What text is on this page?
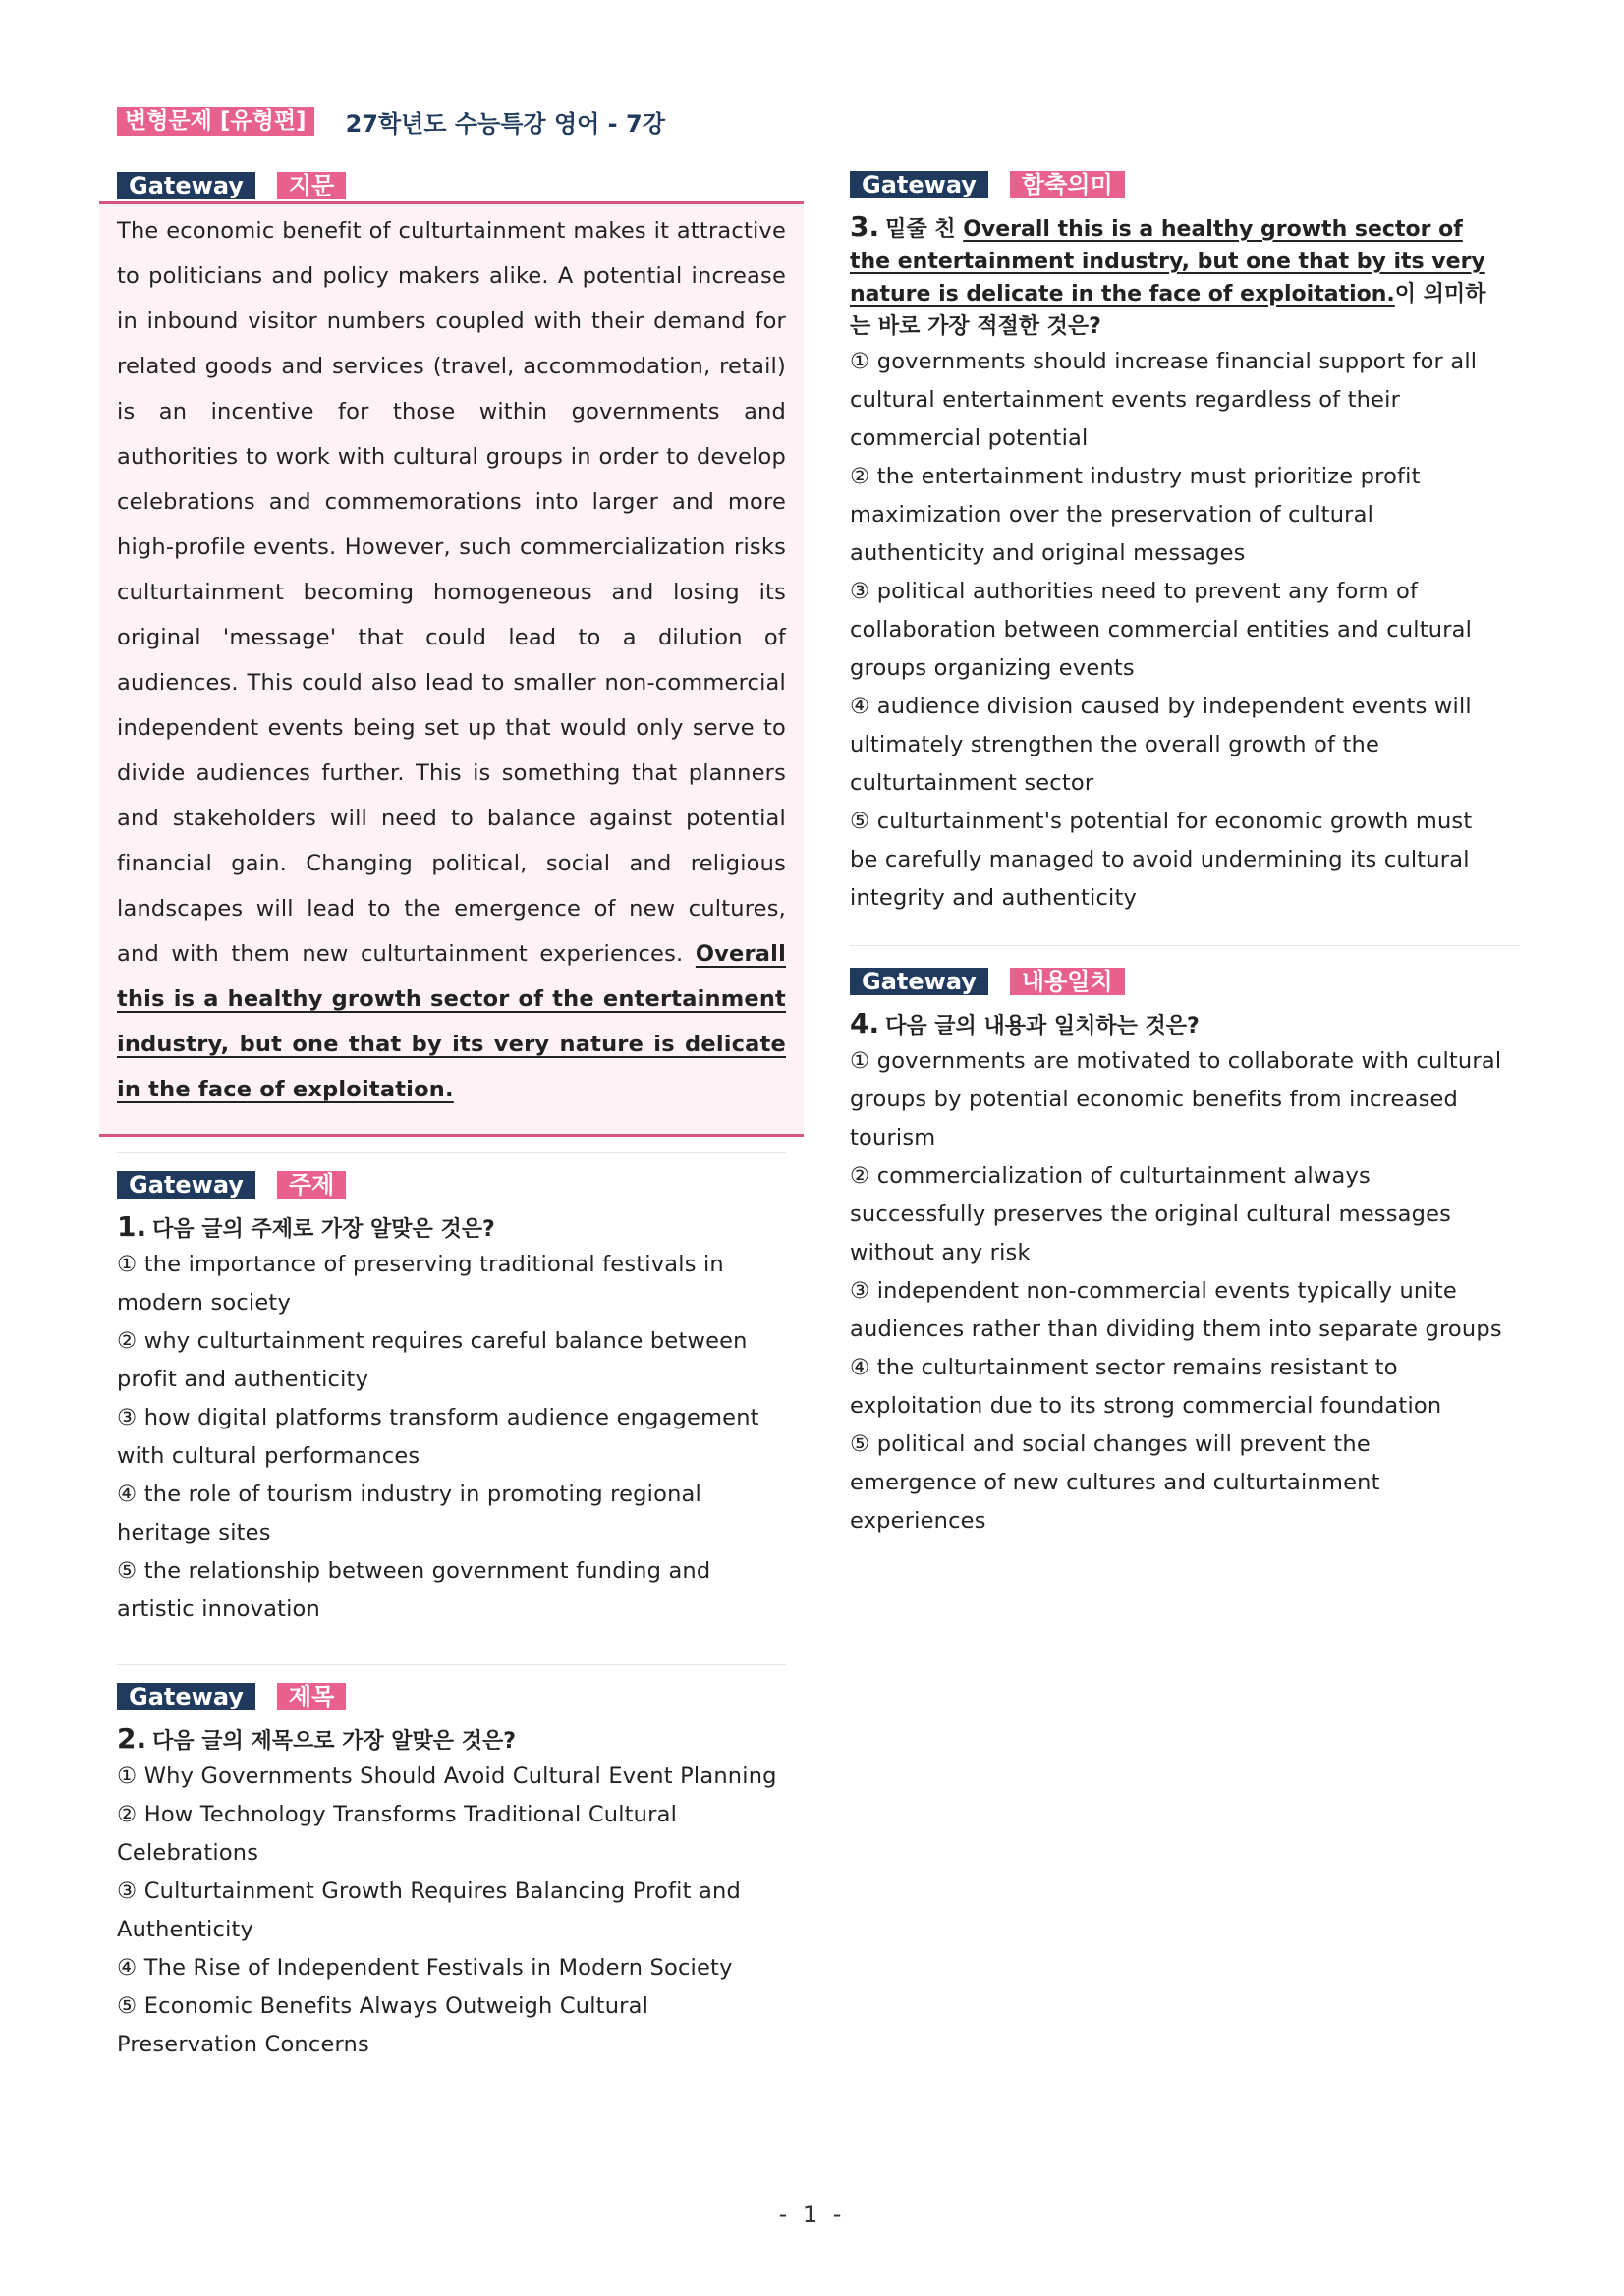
변형문제 [유형편]	27학년도 수능특강 영어 - 7강
Gateway	지문

The economic benefit of culturtainment makes it attractive to politicians and policy makers alike. A potential increase in inbound visitor numbers coupled with their demand for related goods and services (travel, accommodation, retail) is an incentive for those within governments and authorities to work with cultural groups in order to develop celebrations and commemorations into larger and more high-profile events. However, such commercialization risks culturtainment becoming homogeneous and losing its original 'message' that could lead to a dilution of audiences. This could also lead to smaller non-commercial independent events being set up that would only serve to divide audiences further. This is something that planners and stakeholders will need to balance against potential financial gain. Changing political, social and religious landscapes will lead to the emergence of new cultures, and with them new culturtainment experiences. Overall this is a healthy growth sector of the entertainment industry, but one that by its very nature is delicate in the face of exploitation.

Gateway	주제
1. 다음 글의 주제로 가장 알맞은 것은?

① the importance of preserving traditional festivals in modern society

② why culturtainment requires careful balance between profit and authenticity

③ how digital platforms transform audience engagement with cultural performances

④ the role of tourism industry in promoting regional heritage sites

⑤ the relationship between government funding and artistic innovation

Gateway	제목
2. 다음 글의 제목으로 가장 알맞은 것은?

① Why Governments Should Avoid Cultural Event Planning

② How Technology Transforms Traditional Cultural Celebrations

③ Culturtainment Growth Requires Balancing Profit and Authenticity

④ The Rise of Independent Festivals in Modern Society

⑤ Economic Benefits Always Outweigh Cultural Preservation Concerns

Gateway	함축의미
3. 밑줄 친 Overall this is a healthy growth sector of the entertainment industry, but one that by its very nature is delicate in the face of exploitation.이 의미하는 바로 가장 적절한 것은?

① governments should increase financial support for all cultural entertainment events regardless of their commercial potential

② the entertainment industry must prioritize profit maximization over the preservation of cultural authenticity and original messages

③ political authorities need to prevent any form of collaboration between commercial entities and cultural groups organizing events

④ audience division caused by independent events will ultimately strengthen the overall growth of the culturtainment sector

⑤ culturtainment's potential for economic growth must be carefully managed to avoid undermining its cultural integrity and authenticity

Gateway	내용일치
4. 다음 글의 내용과 일치하는 것은?

① governments are motivated to collaborate with cultural groups by potential economic benefits from increased tourism

② commercialization of culturtainment always successfully preserves the original cultural messages without any risk

③ independent non-commercial events typically unite audiences rather than dividing them into separate groups

④ the culturtainment sector remains resistant to exploitation due to its strong commercial foundation

⑤ political and social changes will prevent the emergence of new cultures and culturtainment experiences

- 1 -
